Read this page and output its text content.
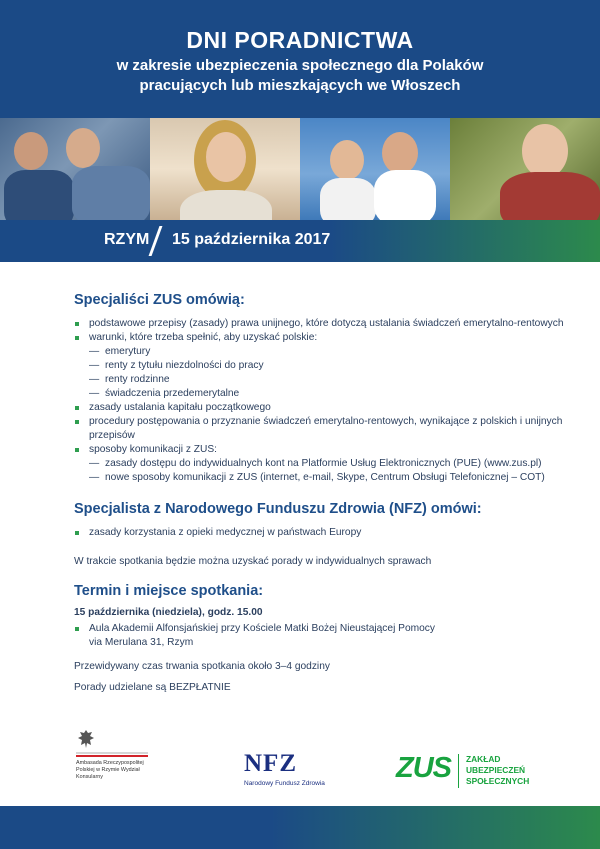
DNI PORADNICTWA
w zakresie ubezpieczenia społecznego dla Polaków
pracujących lub mieszkających we Włoszech
RZYM 15 października 2017
Specjaliści ZUS omówią:
podstawowe przepisy (zasady) prawa unijnego, które dotyczą ustalania świadczeń emerytalno-rentowych
warunki, które trzeba spełnić, aby uzyskać polskie:
— emerytury
— renty z tytułu niezdolności do pracy
— renty rodzinne
— świadczenia przedemerytalne
zasady ustalania kapitału początkowego
procedury postępowania o przyznanie świadczeń emerytalno-rentowych, wynikające z polskich i unijnych przepisów
sposoby komunikacji z ZUS:
— zasady dostępu do indywidualnych kont na Platformie Usług Elektronicznych (PUE) (www.zus.pl)
— nowe sposoby komunikacji z ZUS (internet, e-mail, Skype, Centrum Obsługi Telefonicznej – COT)
Specjalista z Narodowego Funduszu Zdrowia (NFZ) omówi:
zasady korzystania z opieki medycznej w państwach Europy
W trakcie spotkania będzie można uzyskać porady w indywidualnych sprawach
Termin i miejsce spotkania:
15 października (niedziela), godz. 15.00
Aula Akademii Alfonsjańskiej przy Kościele Matki Bożej Nieustającej Pomocy
via Merulana 31, Rzym
Przewidywany czas trwania spotkania około 3–4 godziny
Porady udzielane są BEZPŁATNIE
Ambasada Rzeczypospolitej Polskiej w Rzymie Wydział Konsularny	NFZ
Narodowy Fundusz Zdrowia ZUS ZAKŁAD
UBEZPIECZEŃ
SPOŁECZNYCH
